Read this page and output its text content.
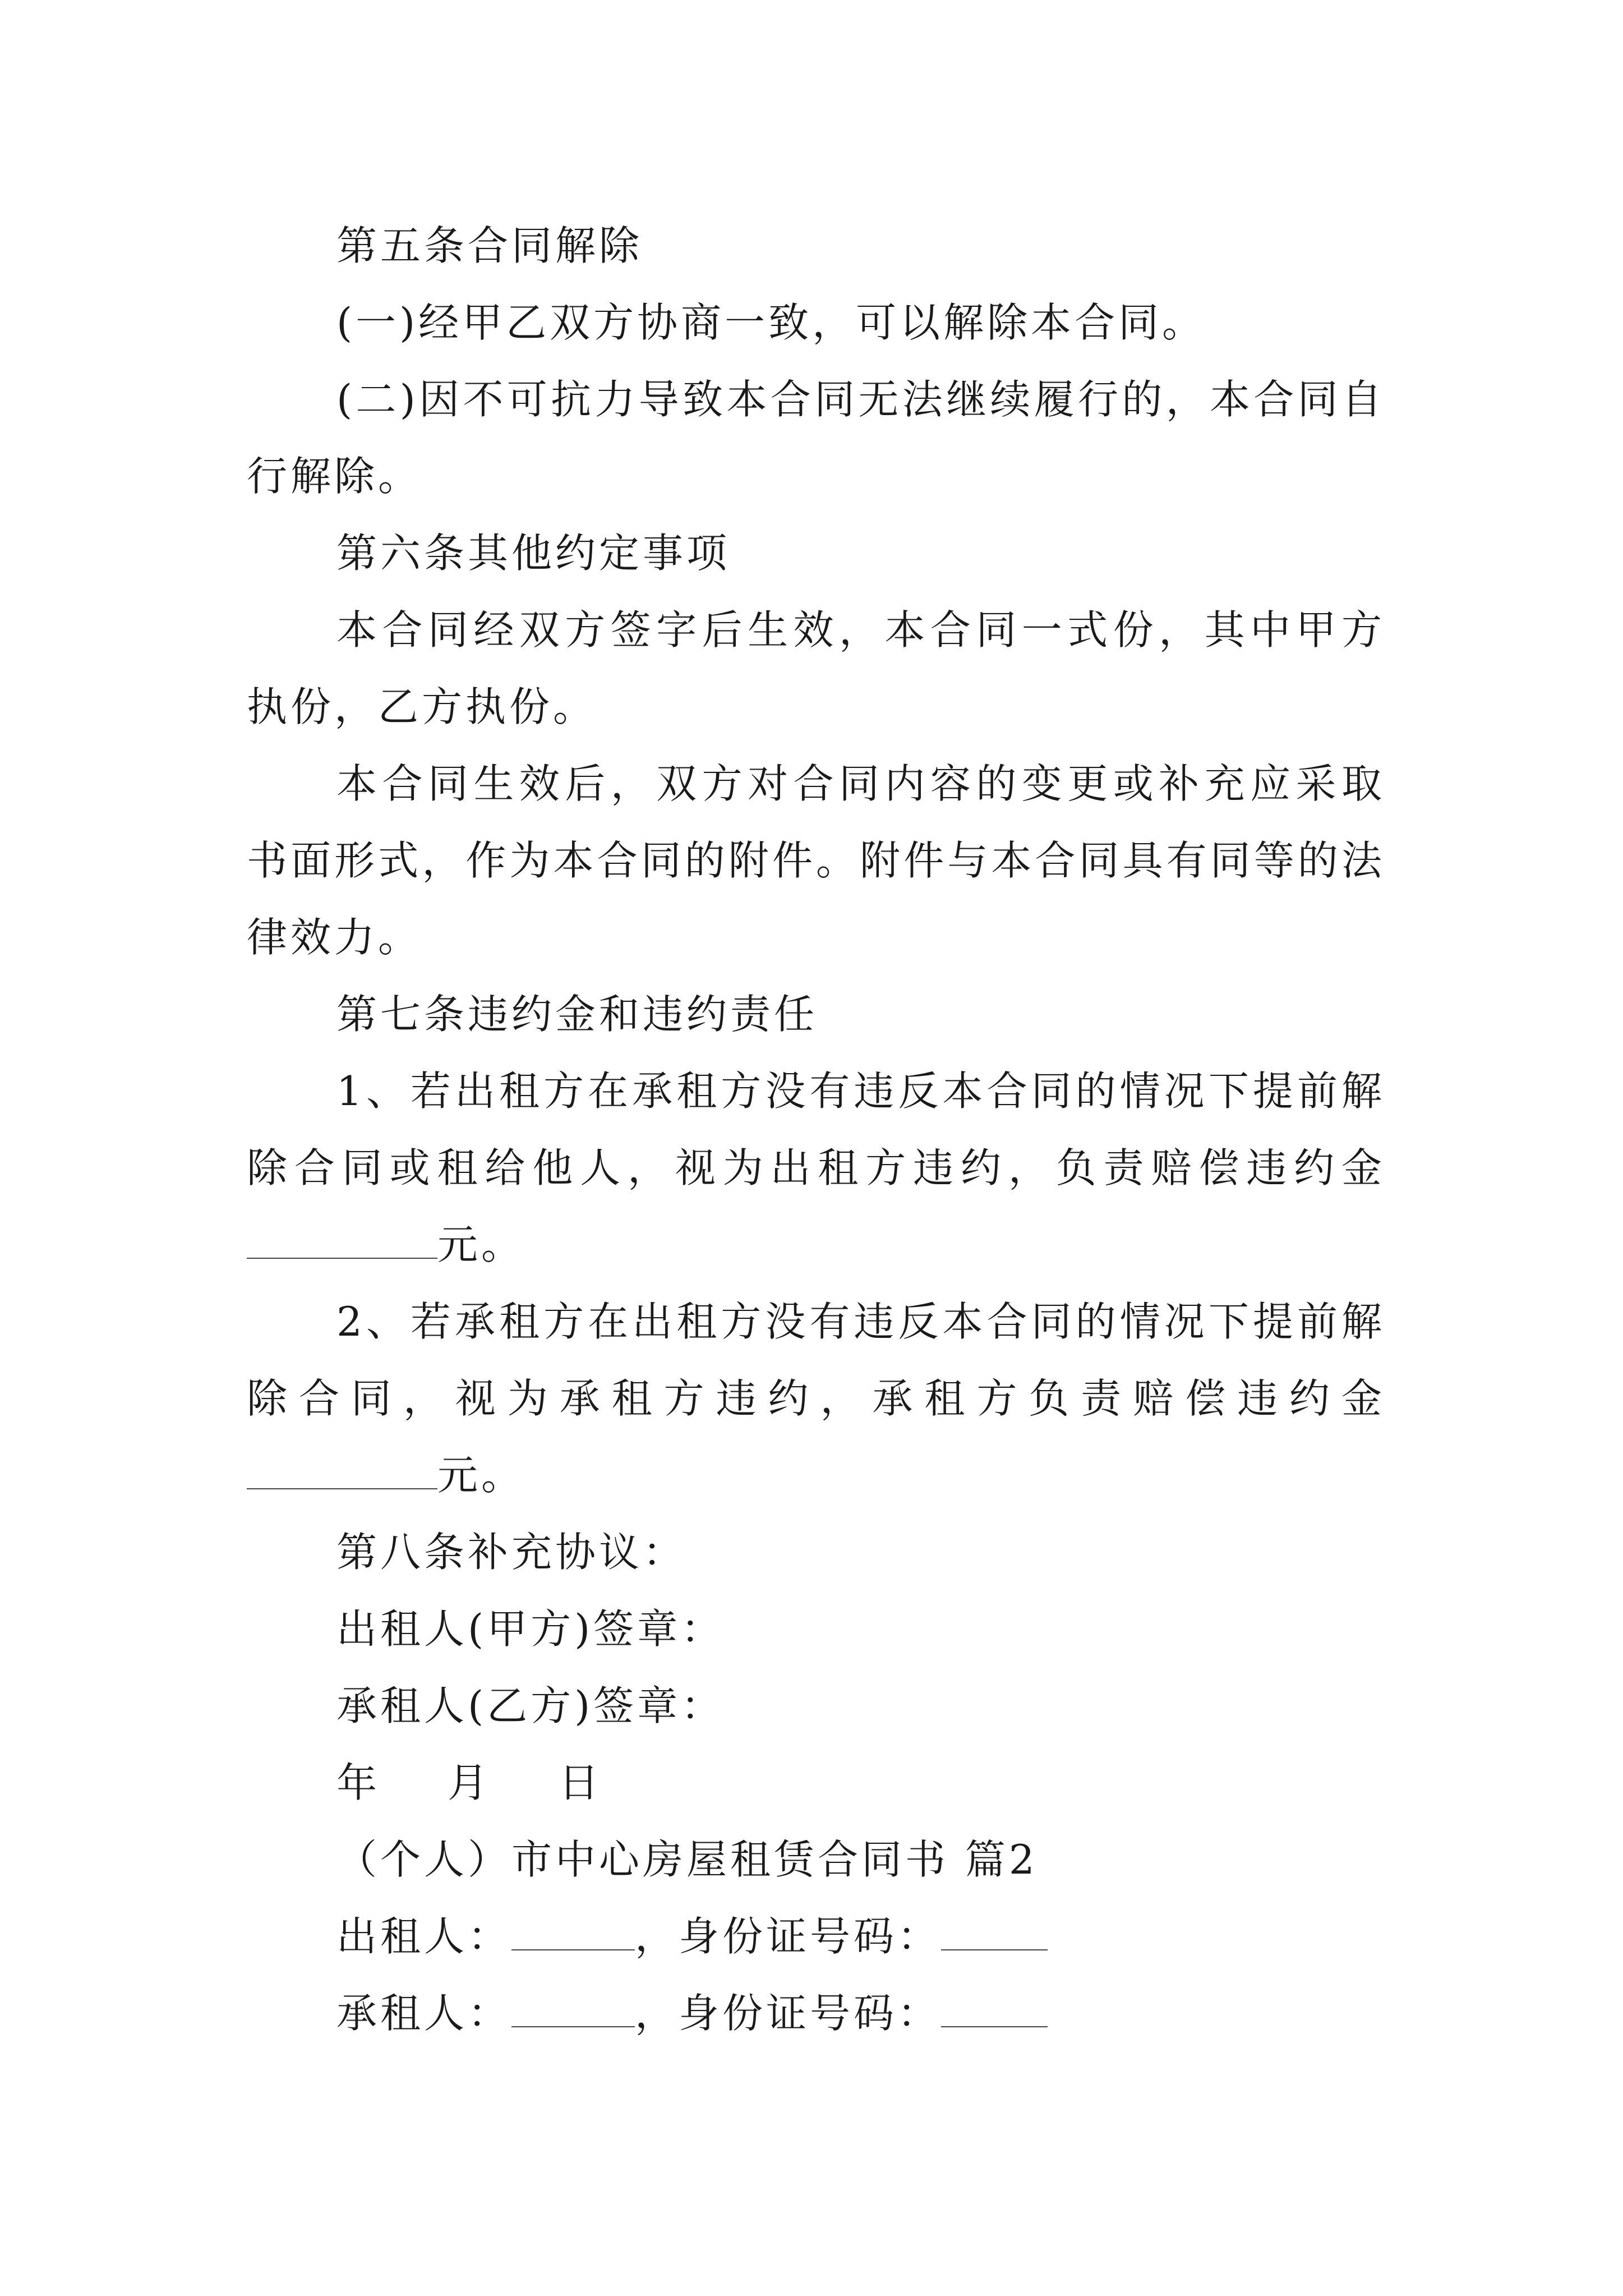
第五条合同解除

(一)经甲乙双方协商一致，可以解除本合同。

(二)因不可抗力导致本合同无法继续履行的，本合同自行解除。

第六条其他约定事项

本合同经双方签字后生效，本合同一式份，其中甲方执份，乙方执份。

本合同生效后，双方对合同内容的变更或补充应采取书面形式，作为本合同的附件。附件与本合同具有同等的法律效力。

第七条违约金和违约责任

1、若出租方在承租方没有违反本合同的情况下提前解除合同或租给他人，视为出租方违约，负责赔偿违约金元。

2、若承租方在出租方没有违反本合同的情况下提前解除合同，视为承租方违约，承租方负责赔偿违约金元。

第八条补充协议：

出租人(甲方)签章：

承租人(乙方)签章：

年 月 日

（个人）市中心房屋租赁合同书 篇2

出租人：	，身份证号码：

承租人：	，身份证号码：
